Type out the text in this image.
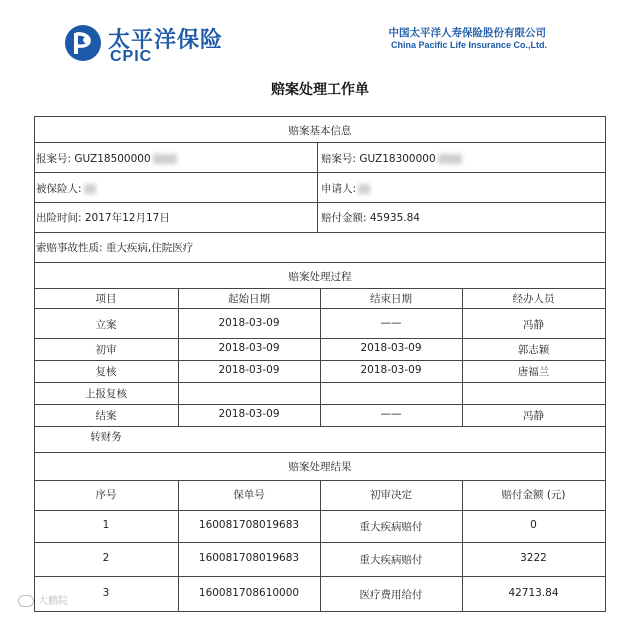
太平洋保险
CPIC
中国太平洋人寿保险股份有限公司
China Pacific Life Insurance Co.,Ltd.
赔案处理工作单
赔案基本信息
报案号: GUZ18500000	赔案号: GUZ18300000
被保险人:	申请人:
出险时间: 2017年12月17日	赔付金额: 45935.84
索赔事故性质: 重大疾病,住院医疗
赔案处理过程
项目	起始日期	结束日期	经办人员
立案	2018-03-09	——	冯静
初审	2018-03-09	2018-03-09	郭志颖
复核	2018-03-09	2018-03-09	唐福兰
上报复核
结案	2018-03-09	——	冯静
转财务
赔案处理结果
序号	保单号	初审决定	赔付金额 (元)
1	160081708019683	重大疾病赔付	0
2	160081708019683	重大疾病赔付	3222
3	160081708610000	医疗费用给付	42713.84
大鹏院
